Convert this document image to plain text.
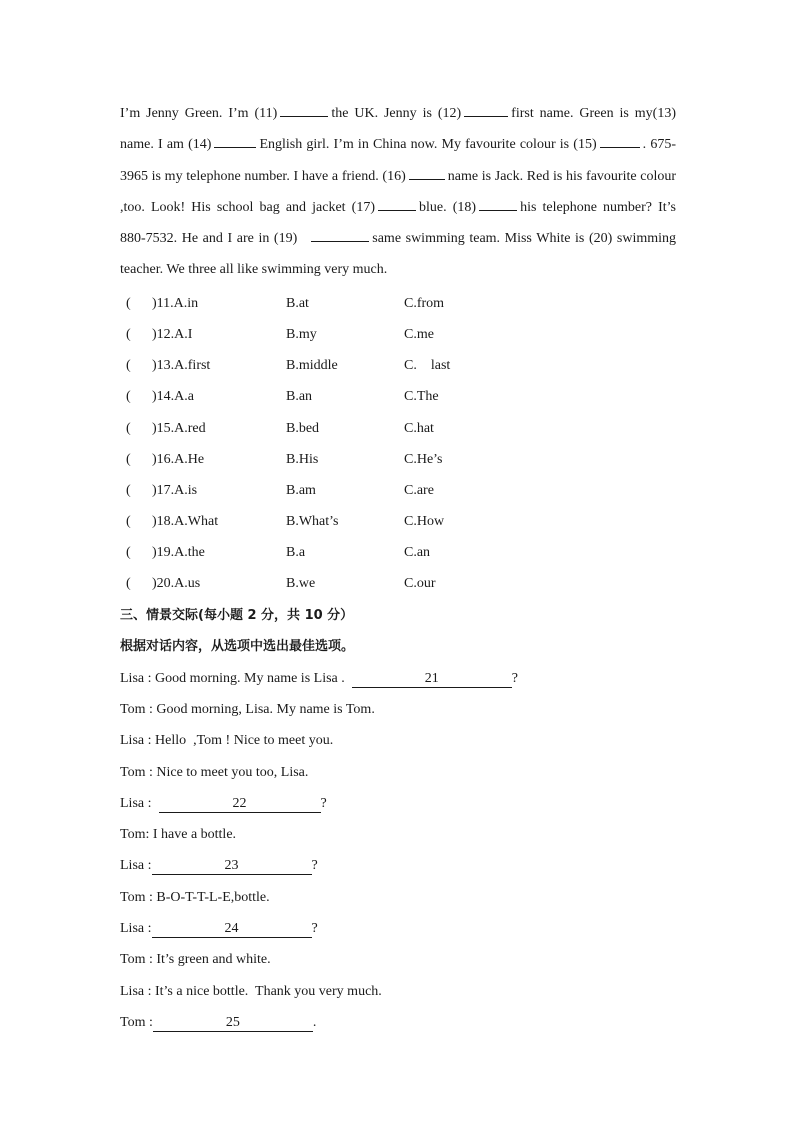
I’m Jenny Green. I’m (11)	the UK. Jenny is (12)	first name. Green is my(13) name. I am (14)	English girl. I’m in China now. My favourite colour is (15)	. 675-3965 is my telephone number. I have a friend. (16)	name is Jack. Red is his favourite colour ,too. Look! His school bag and jacket (17)	blue. (18)	his telephone number? It’s 880-7532. He and I are in (19)	same swimming team. Miss White is (20) swimming teacher. We three all like swimming very much.

( )11.A.in	B.at	C.from
( )12.A.I	B.my	C.me
( )13.A.first	B.middle	C.    last
( )14.A.a	B.an	C.The
( )15.A.red	B.bed	C.hat
( )16.A.He	B.His	C.He’s
( )17.A.is	B.am	C.are
( )18.A.What	B.What’s	C.How
( )19.A.the	B.a	C.an
( )20.A.us	B.we	C.our
三、情景交际(每小题 2 分，共 10 分）
根据对话内容，从选项中选出最佳选项。
Lisa : Good morning. My name is Lisa .	21	?
Tom : Good morning, Lisa. My name is Tom.
Lisa : Hello  ,Tom ! Nice to meet you.
Tom : Nice to meet you too, Lisa.
Lisa :	22	?
Tom: I have a bottle.
Lisa :	23	?
Tom : B-O-T-T-L-E,bottle.
Lisa :	24	?
Tom : It’s green and white.
Lisa : It’s a nice bottle.  Thank you very much.
Tom :	25	.
